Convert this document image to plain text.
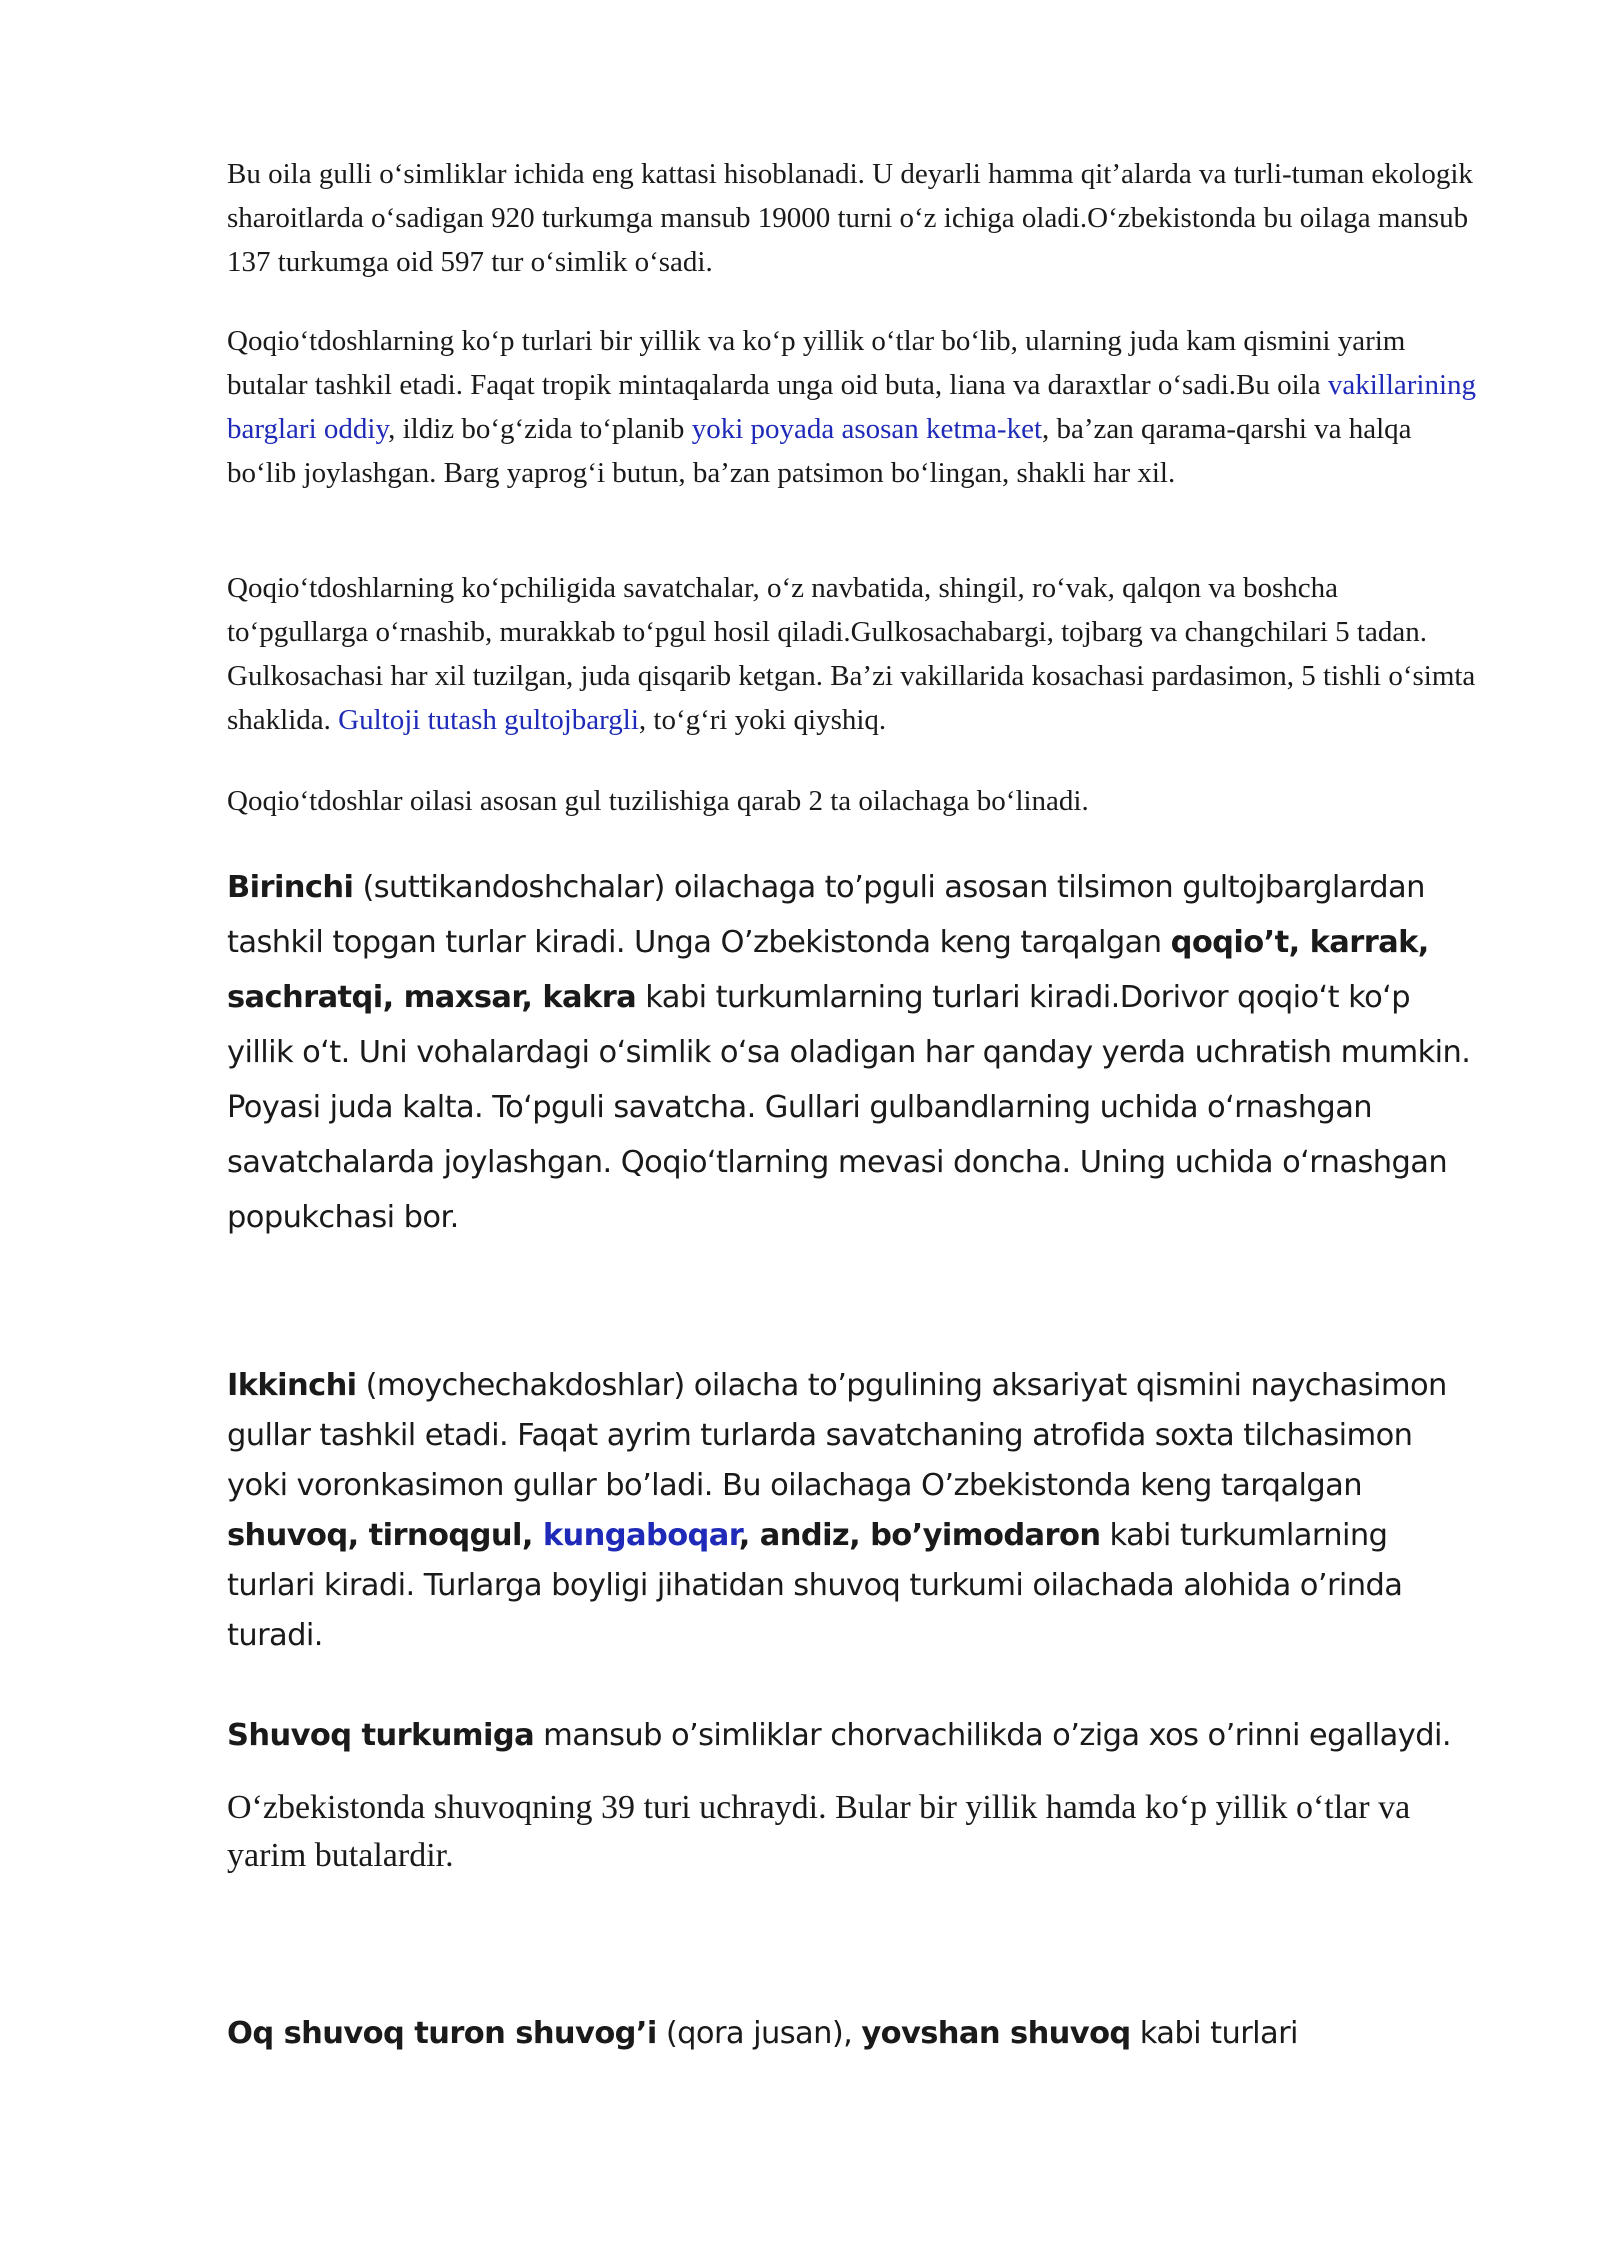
Bu oila gulli oʻsimliklar ichida eng kattasi hisoblanadi. U deyarli hamma qitʼalarda va turli-tuman ekologik sharoitlarda oʻsadigan 920 turkumga mansub 19000 turni oʻz ichiga oladi.Oʻzbekistonda bu oilaga mansub 137 turkumga oid 597 tur oʻsimlik oʻsadi.

Qoqioʻtdoshlarning koʻp turlari bir yillik va koʻp yillik oʻtlar boʻlib, ularning juda kam qismini yarim butalar tashkil etadi. Faqat tropik mintaqalarda unga oid buta, liana va daraxtlar oʻsadi.Bu oila vakillarining barglari oddiy, ildiz boʻgʻzida toʻplanib yoki poyada asosan ketma-ket, baʼzan qarama-qarshi va halqa boʻlib joylashgan. Barg yaprogʻi butun, baʼzan patsimon boʻlingan, shakli har xil.

Qoqioʻtdoshlarning koʻpchiligida savatchalar, oʻz navbatida, shingil, roʻvak, qalqon va boshcha toʻpgullarga oʻrnashib, murakkab toʻpgul hosil qiladi.Gulkosachabargi, tojbarg va changchilari 5 tadan. Gulkosachasi har xil tuzilgan, juda qisqarib ketgan. Baʼzi vakillarida kosachasi pardasimon, 5 tishli oʻsimta shaklida. Gultoji tutash gultojbargli, toʻgʻri yoki qiyshiq.

Qoqioʻtdoshlar oilasi asosan gul tuzilishiga qarab 2 ta oilachaga boʻlinadi.

Birinchi (suttikandoshchalar) oilachaga to’pguli asosan tilsimon gultojbarglardan tashkil topgan turlar kiradi. Unga O’zbekistonda keng tarqalgan qoqio’t, karrak, sachratqi, maxsar, kakra kabi turkumlarning turlari kiradi.Dorivor qoqioʻt koʻp yillik oʻt. Uni vohalardagi oʻsimlik oʻsa oladigan har qanday yerda uchratish mumkin. Poyasi juda kalta. Toʻpguli savatcha. Gullari gulbandlarning uchida oʻrnashgan savatchalarda joylashgan. Qoqioʻtlarning mevasi doncha. Uning uchida oʻrnashgan popukchasi bor.

Ikkinchi (moychechakdoshlar) oilacha to’pgulining aksariyat qismini naychasimon gullar tashkil etadi. Faqat ayrim turlarda savatchaning atrofida soxta tilchasimon yoki voronkasimon gullar bo’ladi. Bu oilachaga O’zbekistonda keng tarqalgan shuvoq, tirnoqgul, kungaboqar, andiz, bo’yimodaron kabi turkumlarning turlari kiradi. Turlarga boyligi jihatidan shuvoq turkumi oilachada alohida o’rinda turadi.

Shuvoq turkumiga mansub o’simliklar chorvachilikda o’ziga xos o’rinni egallaydi.

Oʻzbekistonda shuvoqning 39 turi uchraydi. Bular bir yillik hamda koʻp yillik oʻtlar va yarim butalardir.

Oq shuvoq turon shuvog’i (qora jusan), yovshan shuvoq kabi turlari
